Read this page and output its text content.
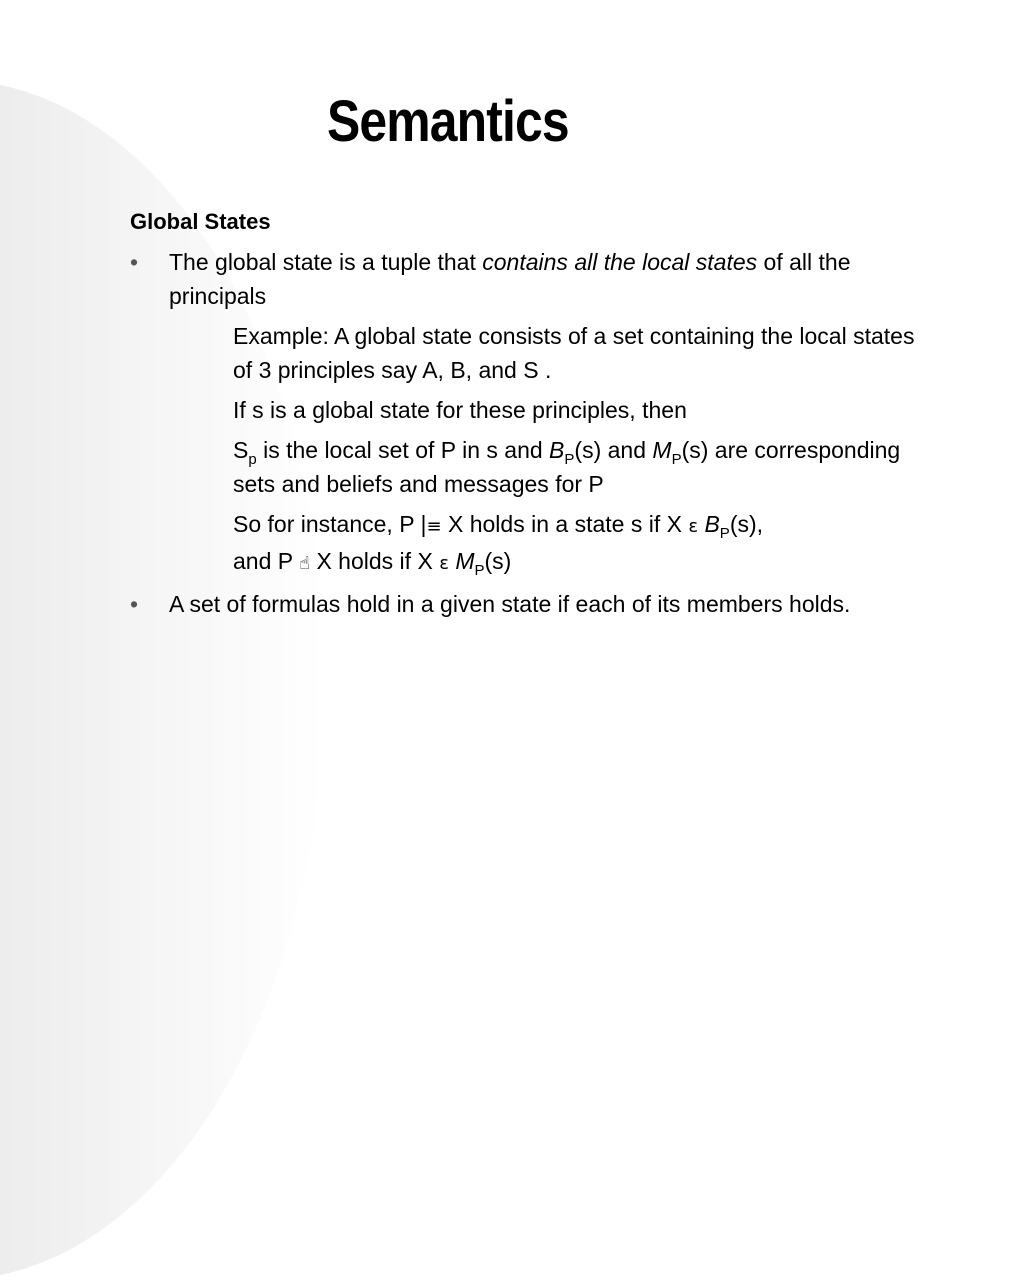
Semantics
Global States
• The global state is a tuple that contains all the local states of all the principals
Example: A global state consists of a set containing the local states of 3 principles say A, B, and S .
If s is a global state for these principles, then
$S_p$ is the local set of P in s and $B_P(s)$ and $M_P(s)$ are corresponding sets and beliefs and messages for P
So for instance, P |≡ X holds in a state s if X ε $B_P(s)$,
and P ☝ X holds if X ε $M_P(s)$
• A set of formulas hold in a given state if each of its members holds.
